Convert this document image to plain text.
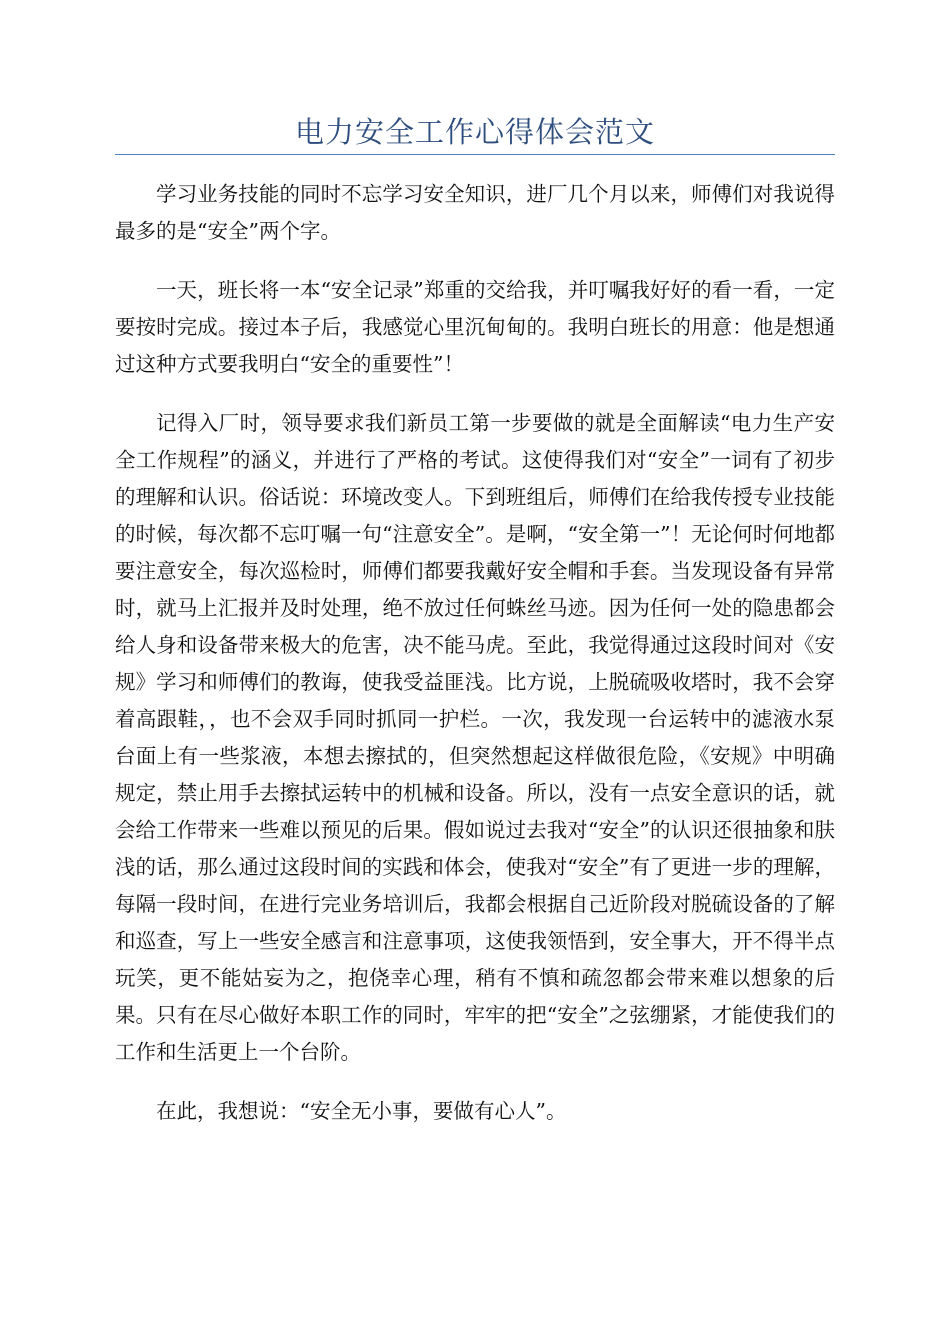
电力安全工作心得体会范文

学习业务技能的同时不忘学习安全知识，进厂几个月以来，师傅们对我说得最多的是“安全”两个字。

一天，班长将一本“安全记录”郑重的交给我，并叮嘱我好好的看一看，一定要按时完成。接过本子后，我感觉心里沉甸甸的。我明白班长的用意：他是想通过这种方式要我明白“安全的重要性”！

记得入厂时，领导要求我们新员工第一步要做的就是全面解读“电力生产安全工作规程”的涵义，并进行了严格的考试。这使得我们对“安全”一词有了初步的理解和认识。俗话说：环境改变人。下到班组后，师傅们在给我传授专业技能的时候，每次都不忘叮嘱一句“注意安全”。是啊，“安全第一”！无论何时何地都要注意安全，每次巡检时，师傅们都要我戴好安全帽和手套。当发现设备有异常时，就马上汇报并及时处理，绝不放过任何蛛丝马迹。因为任何一处的隐患都会给人身和设备带来极大的危害，决不能马虎。至此，我觉得通过这段时间对《安规》学习和师傅们的教诲，使我受益匪浅。比方说，上脱硫吸收塔时，我不会穿着高跟鞋，，也不会双手同时抓同一护栏。一次，我发现一台运转中的滤液水泵台面上有一些浆液，本想去擦拭的，但突然想起这样做很危险，《安规》中明确规定，禁止用手去擦拭运转中的机械和设备。所以，没有一点安全意识的话，就会给工作带来一些难以预见的后果。假如说过去我对“安全”的认识还很抽象和肤浅的话，那么通过这段时间的实践和体会，使我对“安全”有了更进一步的理解，每隔一段时间，在进行完业务培训后，我都会根据自己近阶段对脱硫设备的了解和巡查，写上一些安全感言和注意事项，这使我领悟到，安全事大，开不得半点玩笑，更不能姑妄为之，抱侥幸心理，稍有不慎和疏忽都会带来难以想象的后果。只有在尽心做好本职工作的同时，牢牢的把“安全”之弦绷紧，才能使我们的工作和生活更上一个台阶。

在此，我想说：“安全无小事，要做有心人”。
